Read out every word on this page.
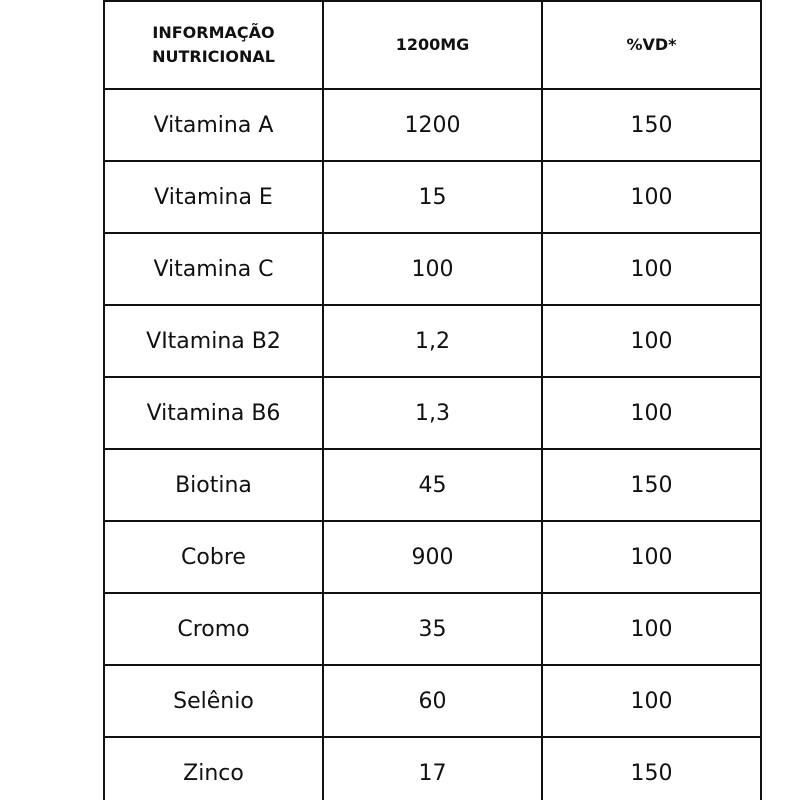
INFORMAÇÃO
NUTRICIONAL	1200MG	%VD*
Vitamina A	1200	150
Vitamina E	15	100
Vitamina C	100	100
VItamina B2	1,2	100
Vitamina B6	1,3	100
Biotina	45	150
Cobre	900	100
Cromo	35	100
Selênio	60	100
Zinco	17	150
